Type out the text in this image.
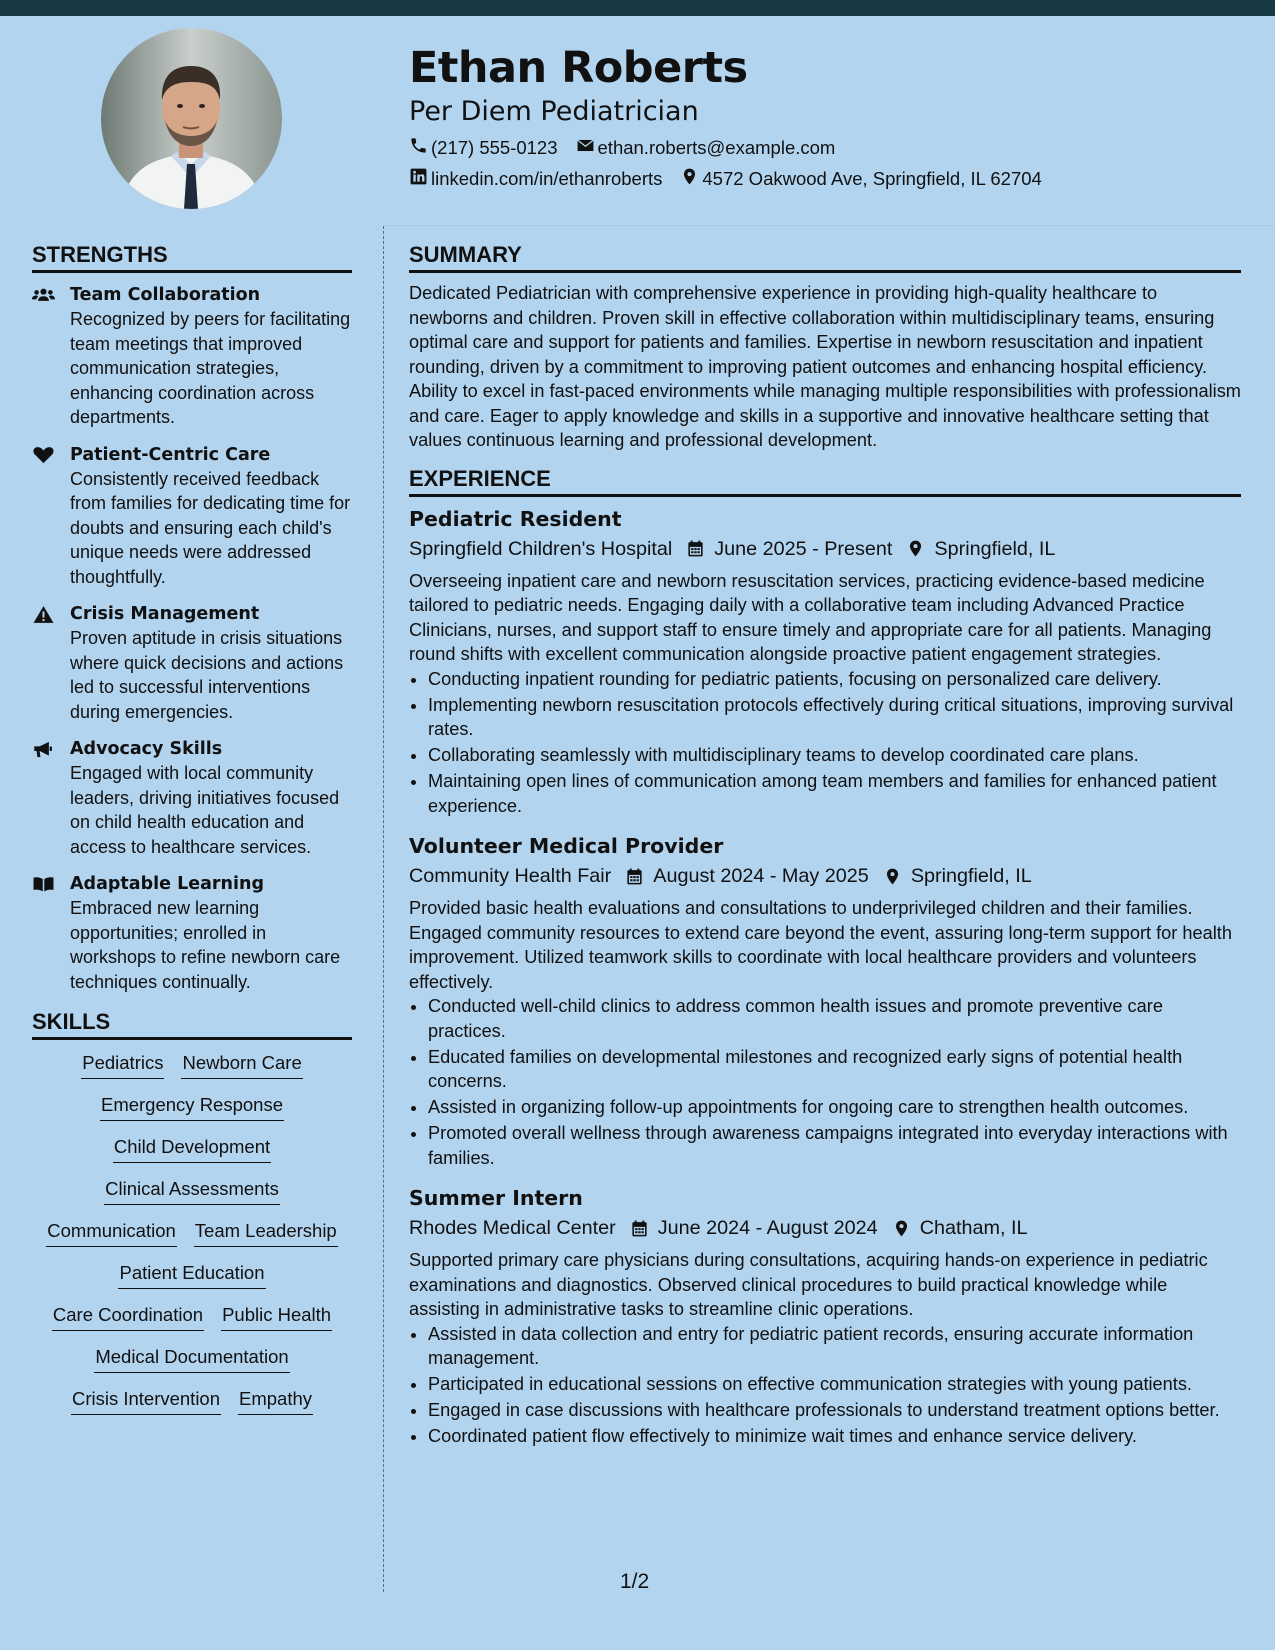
Ethan Roberts
Per Diem Pediatrician
(217) 555-0123 ethan.roberts@example.com
linkedin.com/in/ethanroberts 4572 Oakwood Ave, Springfield, IL 62704
STRENGTHS
Team Collaboration
Recognized by peers for facilitating team meetings that improved communication strategies, enhancing coordination across departments.
Patient-Centric Care
Consistently received feedback from families for dedicating time for doubts and ensuring each child's unique needs were addressed thoughtfully.
Crisis Management
Proven aptitude in crisis situations where quick decisions and actions led to successful interventions during emergencies.
Advocacy Skills
Engaged with local community leaders, driving initiatives focused on child health education and access to healthcare services.
Adaptable Learning
Embraced new learning opportunities; enrolled in workshops to refine newborn care techniques continually.
SKILLS
Pediatrics Newborn Care
Emergency Response
Child Development
Clinical Assessments
Communication Team Leadership
Patient Education
Care Coordination Public Health
Medical Documentation
Crisis Intervention Empathy
SUMMARY

Dedicated Pediatrician with comprehensive experience in providing high-quality healthcare to newborns and children. Proven skill in effective collaboration within multidisciplinary teams, ensuring optimal care and support for patients and families. Expertise in newborn resuscitation and inpatient rounding, driven by a commitment to improving patient outcomes and enhancing hospital efficiency. Ability to excel in fast-paced environments while managing multiple responsibilities with professionalism and care. Eager to apply knowledge and skills in a supportive and innovative healthcare setting that values continuous learning and professional development.

EXPERIENCE
Pediatric Resident
Springfield Children's Hospital June 2025 - Present Springfield, IL

Overseeing inpatient care and newborn resuscitation services, practicing evidence-based medicine tailored to pediatric needs. Engaging daily with a collaborative team including Advanced Practice Clinicians, nurses, and support staff to ensure timely and appropriate care for all patients. Managing round shifts with excellent communication alongside proactive patient engagement strategies.

• Conducting inpatient rounding for pediatric patients, focusing on personalized care delivery.
• Implementing newborn resuscitation protocols effectively during critical situations, improving survival rates.
• Collaborating seamlessly with multidisciplinary teams to develop coordinated care plans.
• Maintaining open lines of communication among team members and families for enhanced patient experience.
Volunteer Medical Provider
Community Health Fair August 2024 - May 2025 Springfield, IL

Provided basic health evaluations and consultations to underprivileged children and their families. Engaged community resources to extend care beyond the event, assuring long-term support for health improvement. Utilized teamwork skills to coordinate with local healthcare providers and volunteers effectively.

• Conducted well-child clinics to address common health issues and promote preventive care practices.
• Educated families on developmental milestones and recognized early signs of potential health concerns.
• Assisted in organizing follow-up appointments for ongoing care to strengthen health outcomes.
• Promoted overall wellness through awareness campaigns integrated into everyday interactions with families.
Summer Intern
Rhodes Medical Center June 2024 - August 2024 Chatham, IL

Supported primary care physicians during consultations, acquiring hands-on experience in pediatric examinations and diagnostics. Observed clinical procedures to build practical knowledge while assisting in administrative tasks to streamline clinic operations.

• Assisted in data collection and entry for pediatric patient records, ensuring accurate information management.
• Participated in educational sessions on effective communication strategies with young patients.
• Engaged in case discussions with healthcare professionals to understand treatment options better.
• Coordinated patient flow effectively to minimize wait times and enhance service delivery.
1/2
